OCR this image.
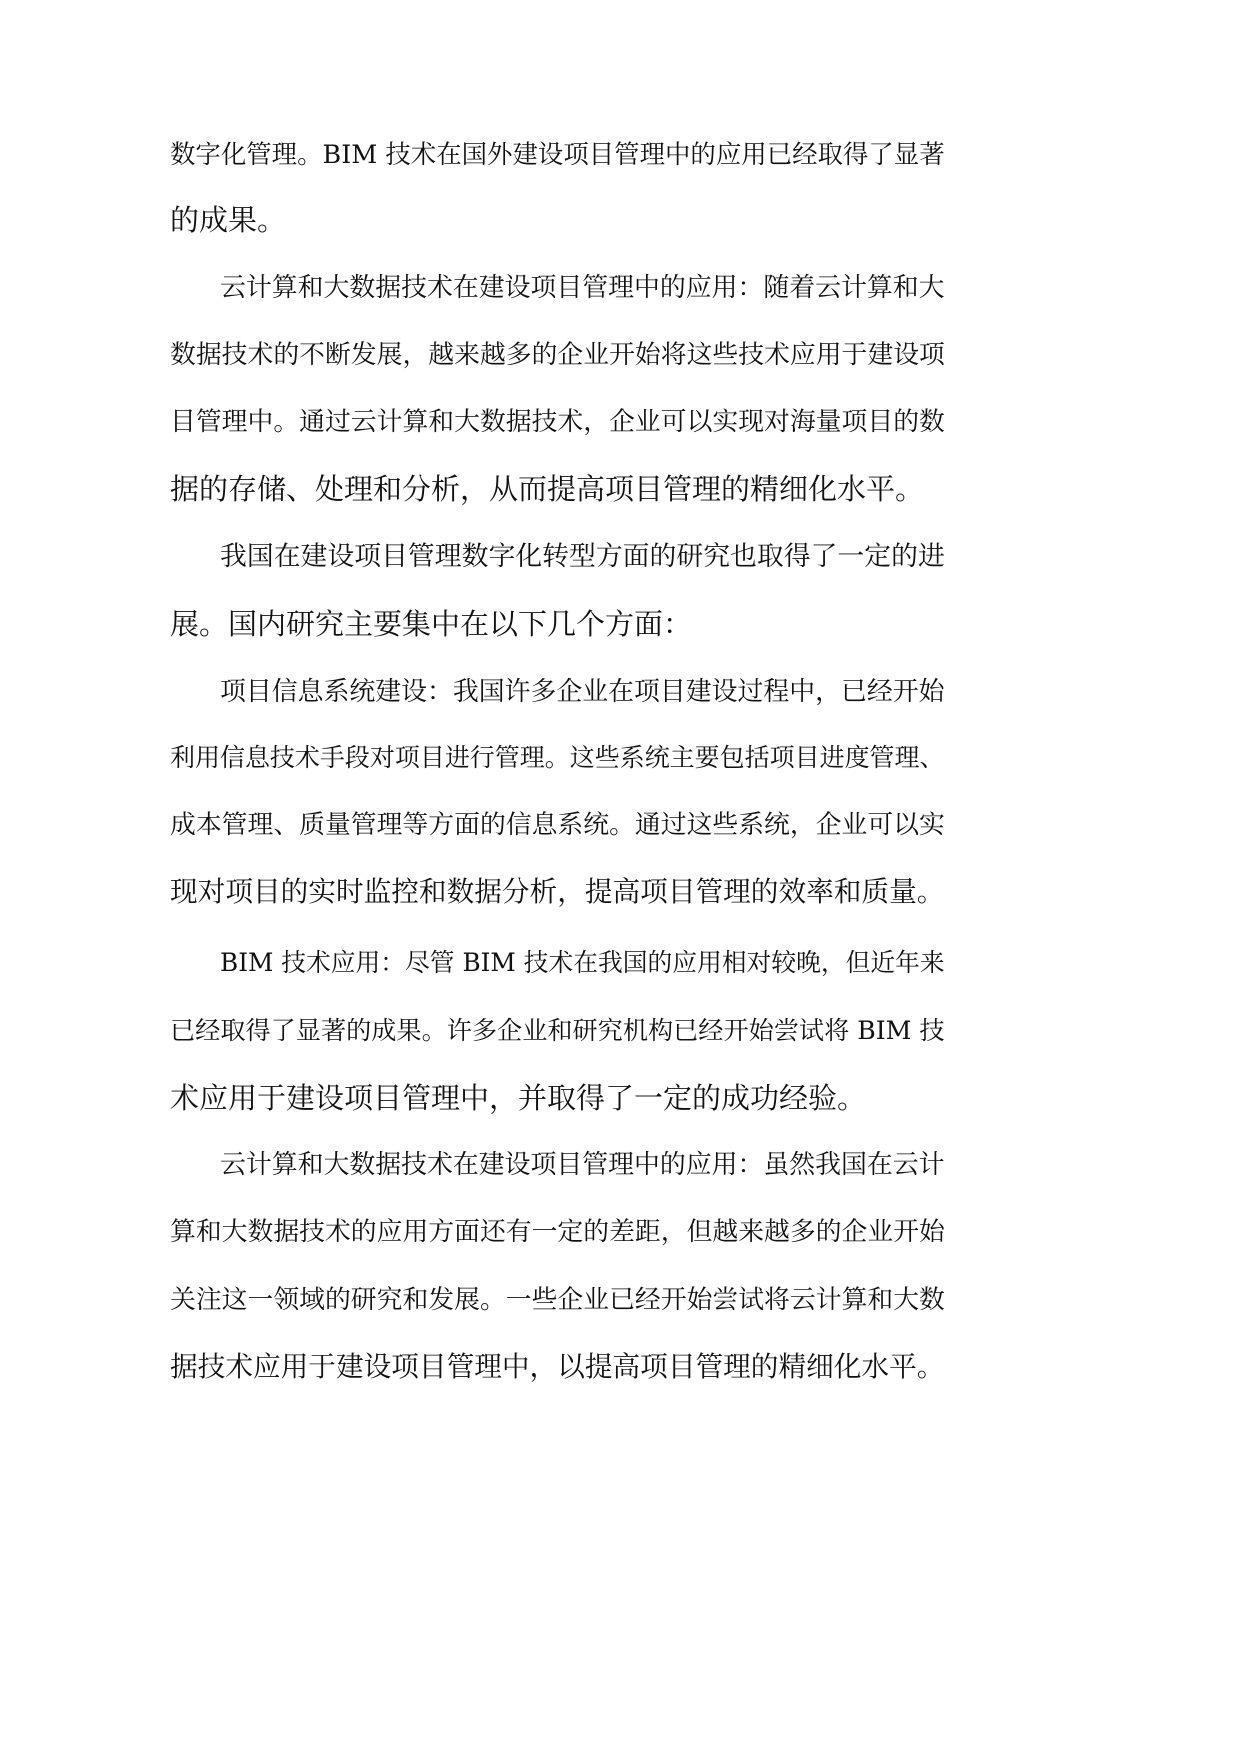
数字化管理。BIM 技术在国外建设项目管理中的应用已经取得了显著
的成果。
云计算和大数据技术在建设项目管理中的应用：随着云计算和大
数据技术的不断发展，越来越多的企业开始将这些技术应用于建设项
目管理中。通过云计算和大数据技术，企业可以实现对海量项目的数
据的存储、处理和分析，从而提高项目管理的精细化水平。
我国在建设项目管理数字化转型方面的研究也取得了一定的进
展。国内研究主要集中在以下几个方面：
项目信息系统建设：我国许多企业在项目建设过程中，已经开始
利用信息技术手段对项目进行管理。这些系统主要包括项目进度管理、
成本管理、质量管理等方面的信息系统。通过这些系统，企业可以实
现对项目的实时监控和数据分析，提高项目管理的效率和质量。
BIM 技术应用：尽管 BIM 技术在我国的应用相对较晚，但近年来
已经取得了显著的成果。许多企业和研究机构已经开始尝试将 BIM 技
术应用于建设项目管理中，并取得了一定的成功经验。
云计算和大数据技术在建设项目管理中的应用：虽然我国在云计
算和大数据技术的应用方面还有一定的差距，但越来越多的企业开始
关注这一领域的研究和发展。一些企业已经开始尝试将云计算和大数
据技术应用于建设项目管理中，以提高项目管理的精细化水平。
